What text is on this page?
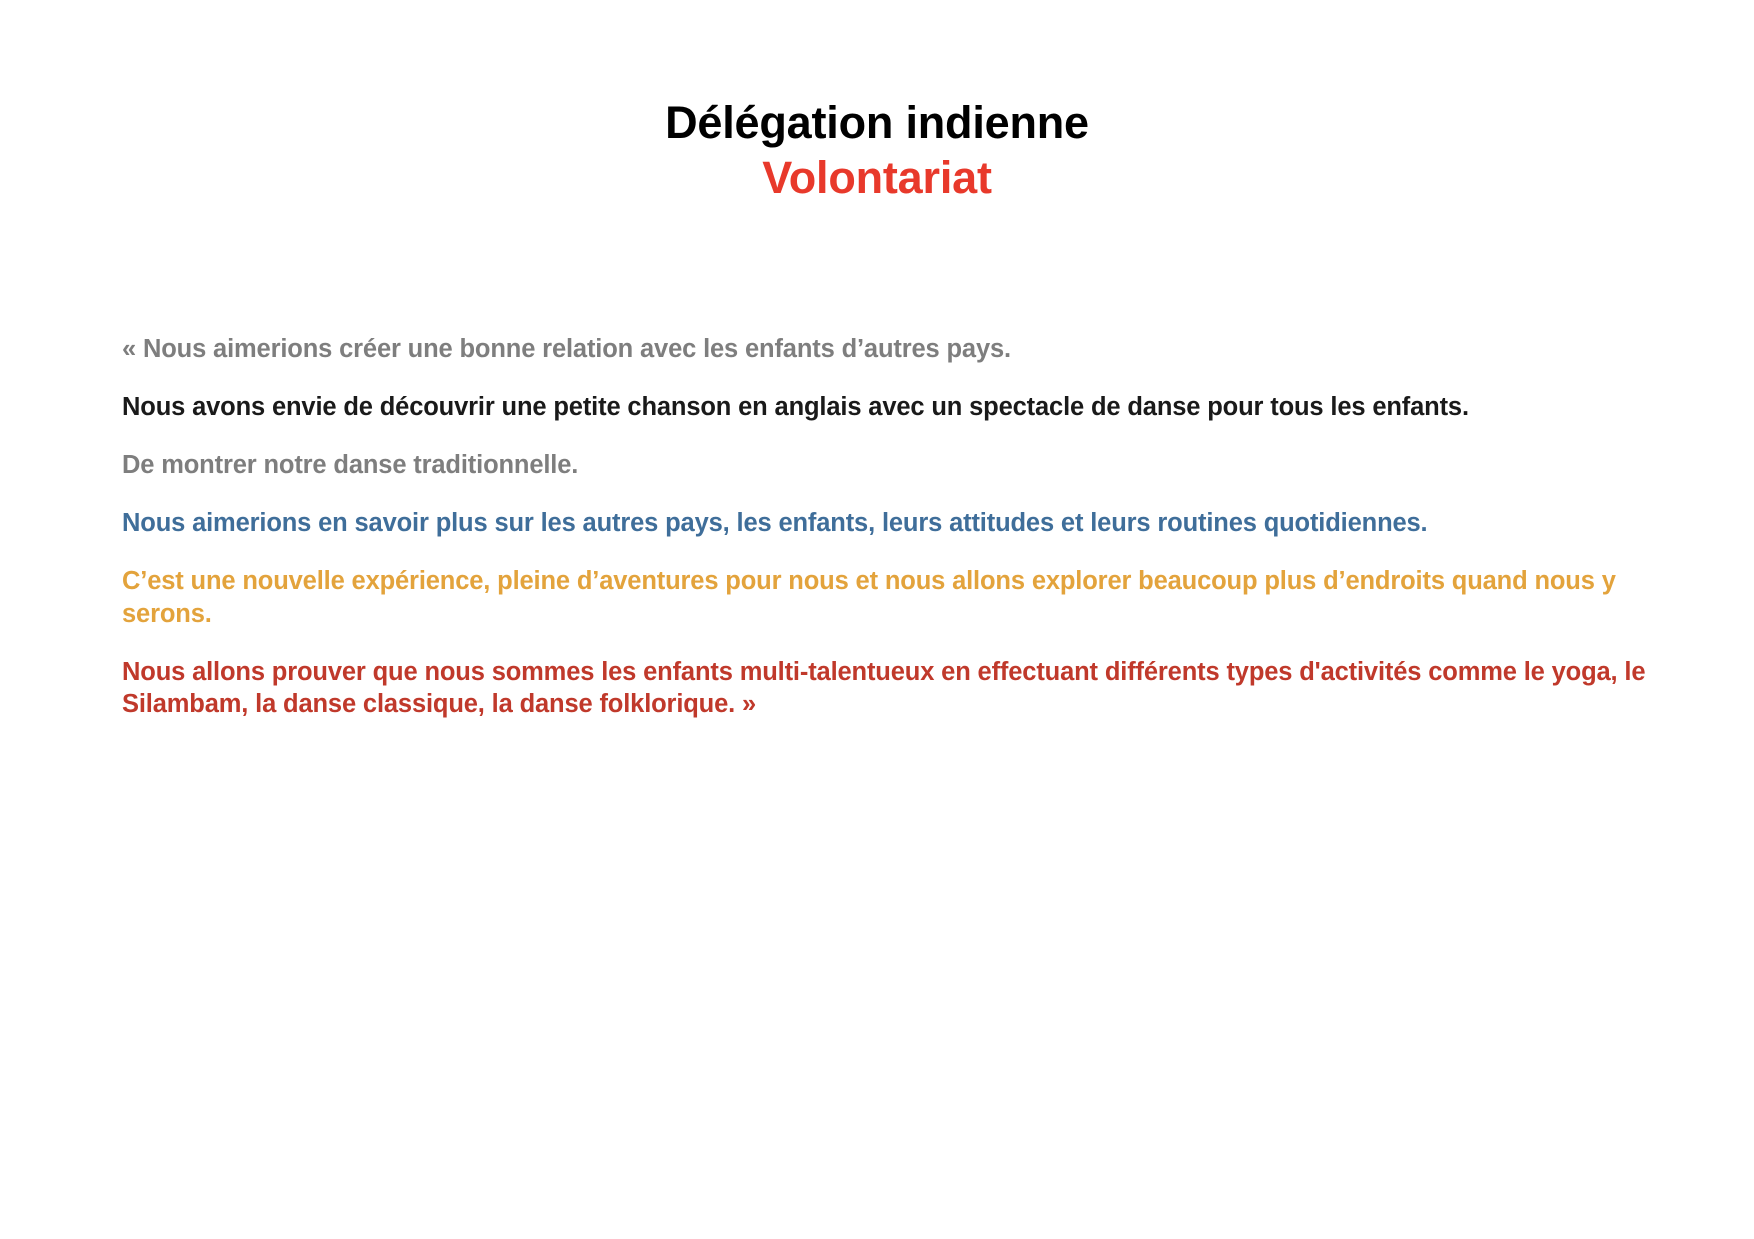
Délégation indienne
Volontariat

« Nous aimerions créer une bonne relation avec les enfants d’autres pays.

Nous avons envie de découvrir une petite chanson en anglais avec un spectacle de danse pour tous les enfants.

De montrer notre danse traditionnelle.

Nous aimerions en savoir plus sur les autres pays, les enfants, leurs attitudes et leurs routines quotidiennes.

C’est une nouvelle expérience, pleine d’aventures pour nous et nous allons explorer beaucoup plus d’endroits quand nous y serons.

Nous allons prouver que nous sommes les enfants multi-talentueux en effectuant différents types d'activités comme le yoga, le Silambam, la danse classique, la danse folklorique. »
